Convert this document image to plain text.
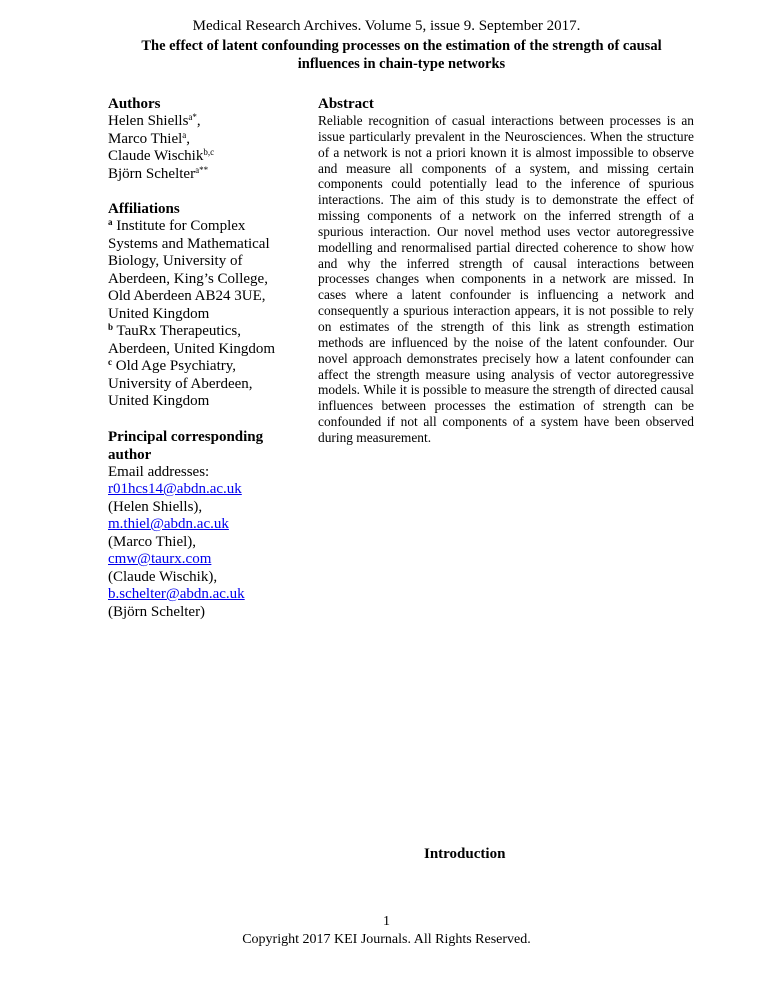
Medical Research Archives. Volume 5, issue 9. September 2017.
The effect of latent confounding processes on the estimation of the strength of causal
influences in chain-type networks
Authors
Helen Shiells$^{a*}$,
Marco Thiel$^a$,
Claude Wischik$^{b,c}$
Björn Schelter$^{a**}$
Affiliations
$^a$ Institute for Complex
Systems and Mathematical
Biology, University of
Aberdeen, King’s College,
Old Aberdeen AB24 3UE,
United Kingdom
$^b$ TauRx Therapeutics,
Aberdeen, United Kingdom
$^c$ Old Age Psychiatry,
University of Aberdeen,
United Kingdom
Principal corresponding
author
Email addresses:
r01hcs14@abdn.ac.uk
(Helen Shiells),
m.thiel@abdn.ac.uk
(Marco Thiel),
cmw@taurx.com
(Claude Wischik),
b.schelter@abdn.ac.uk
(Björn Schelter)
Abstract

Reliable recognition of casual interactions between processes is an issue particularly prevalent in the Neurosciences. When the structure of a network is not a priori known it is almost impossible to observe and measure all components of a system, and missing certain components could potentially lead to the inference of spurious interactions. The aim of this study is to demonstrate the effect of missing components of a network on the inferred strength of a spurious interaction. Our novel method uses vector autoregressive modelling and renormalised partial directed coherence to show how and why the inferred strength of causal interactions between processes changes when components in a network are missed. In cases where a latent confounder is influencing a network and consequently a spurious interaction appears, it is not possible to rely on estimates of the strength of this link as strength estimation methods are influenced by the noise of the latent confounder. Our novel approach demonstrates precisely how a latent confounder can affect the strength measure using analysis of vector autoregressive models. While it is possible to measure the strength of directed causal influences between processes the estimation of strength can be confounded if not all components of a system have been observed during measurement.

Introduction
1
Copyright 2017 KEI Journals. All Rights Reserved.
